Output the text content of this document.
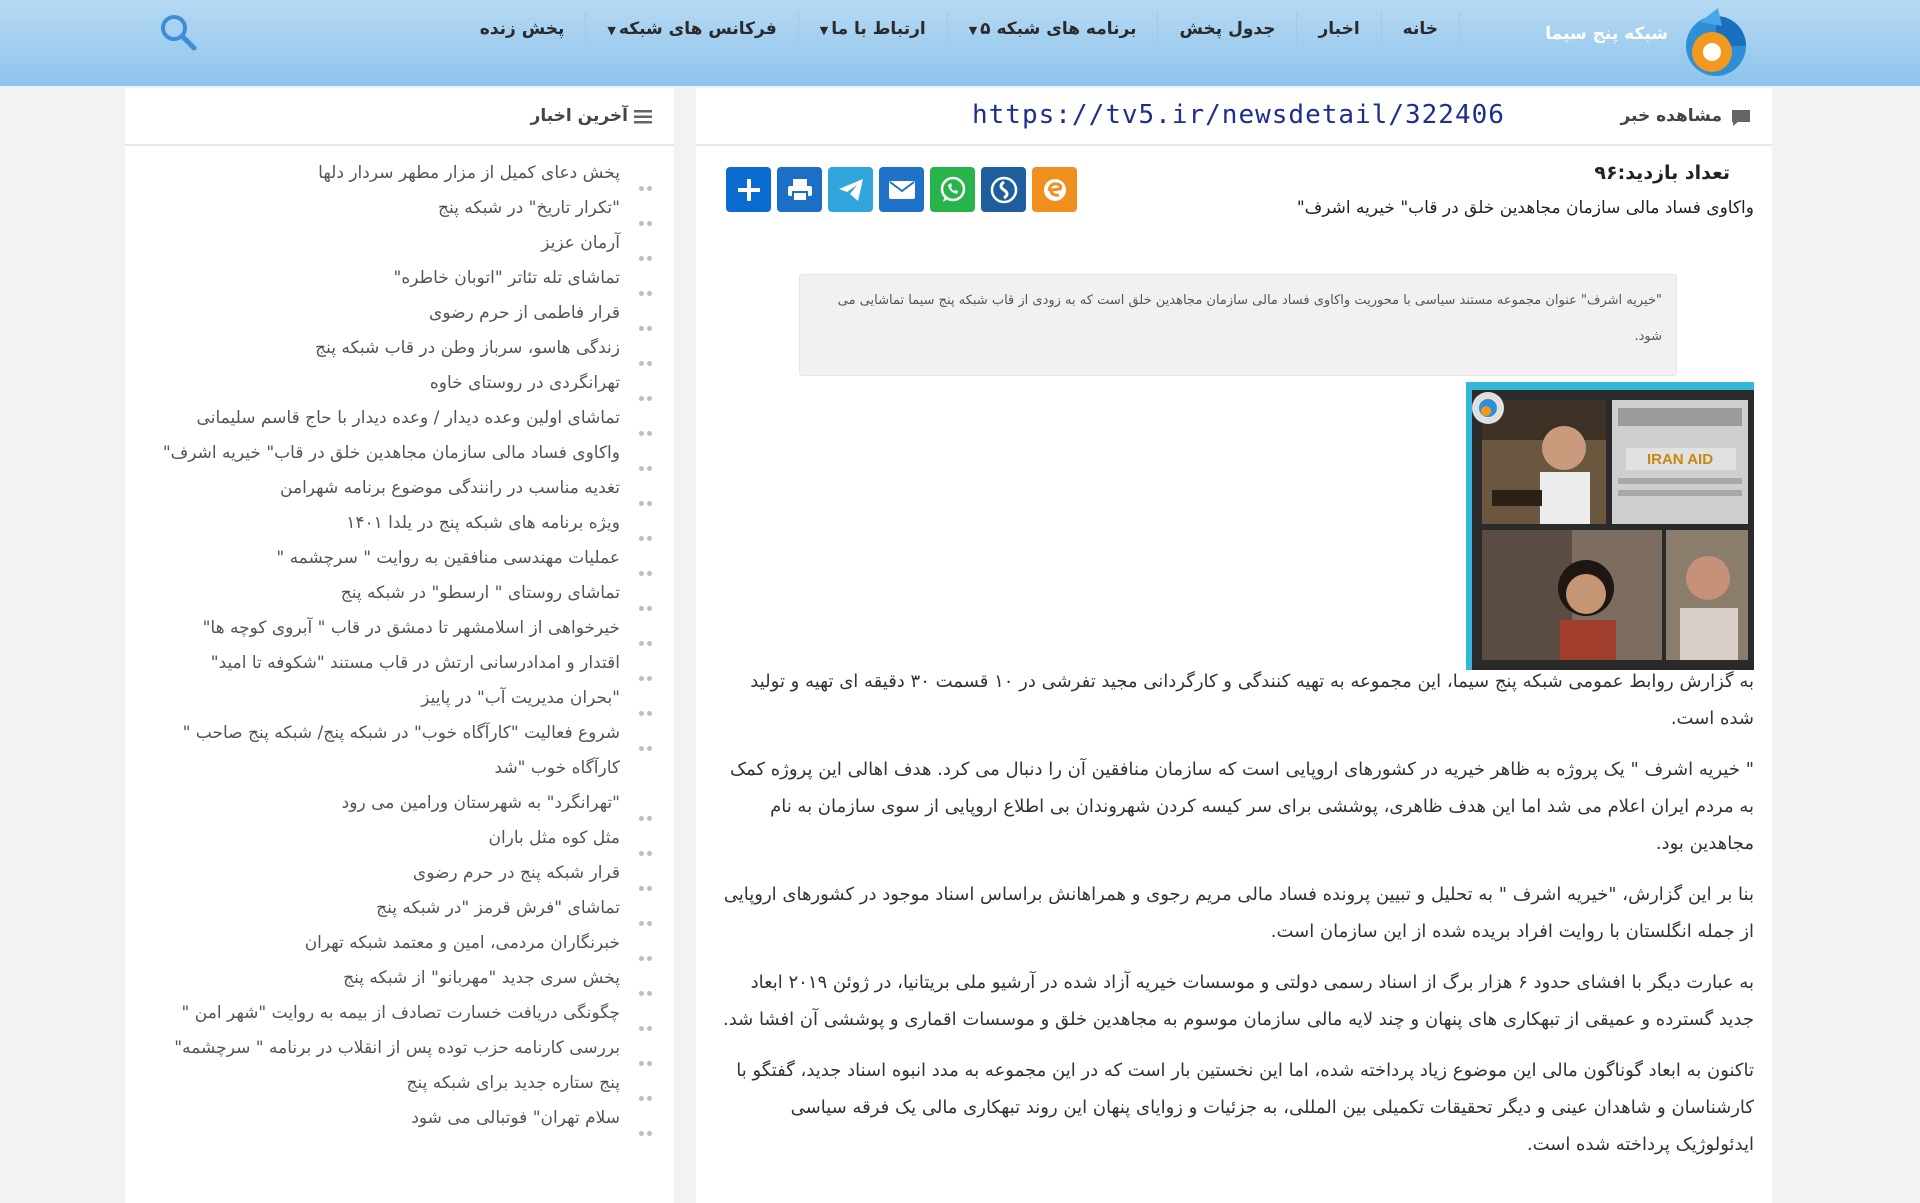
شبکه پنج سیما
خانه
اخبار
جدول پخش
برنامه های شبکه ۵▼
ارتباط با ما▼
فرکانس های شبکه▼
پخش زنده
آخرین اخبار
پخش دعای کمیل از مزار مطهر سردار دلها
"تکرار تاریخ" در شبکه پنج
آرمان عزیز
تماشای تله تئاتر "اتوبان خاطره"
قرار فاطمی از حرم رضوی
زندگی هاسو، سرباز وطن در قاب شبکه پنج
تهرانگردی در روستای خاوه
تماشای اولین وعده دیدار / وعده دیدار با حاج قاسم سلیمانی
واکاوی فساد مالی سازمان مجاهدین خلق در قاب" خیریه اشرف"
تغدیه مناسب در رانندگی موضوع برنامه شهرامن
ویژه برنامه های شبکه پنج در یلدا ۱۴۰۱
عملیات مهندسی منافقین به روایت " سرچشمه "
تماشای روستای " ارسطو" در شبکه پنج
خیرخواهی از اسلامشهر تا دمشق در قاب " آبروی کوچه ها"
اقتدار و امدادرسانی ارتش در قاب مستند "شکوفه تا امید"
"بحران مدیریت آب" در پاییز
شروع فعالیت "کارآگاه خوب" در شبکه پنج/ شبکه پنج صاحب " کارآگاه خوب "شد
"تهرانگرد" به شهرستان ورامین می رود
مثل کوه مثل باران
قرار شبکه پنج در حرم رضوی
تماشای "فرش قرمز "در شبکه پنج
خبرنگاران مردمی، امین و معتمد شبکه تهران
پخش سری جدید "مهربانو" از شبکه پنج
چگونگی دریافت خسارت تصادف از بیمه به روایت "شهر امن "
بررسی کارنامه حزب توده پس از انقلاب در برنامه " سرچشمه"
پنج ستاره جدید برای شبکه پنج
سلام تهران" فوتبالی می شود
مشاهده خبر
https://tv5.ir/newsdetail/322406
تعداد بازدید:۹۶
واکاوی فساد مالی سازمان مجاهدین خلق در قاب" خیریه اشرف"
"خیریه اشرف" عنوان مجموعه مستند سیاسی با محوریت واکاوی فساد مالی سازمان مجاهدین خلق است که به زودی از قاب شبکه پنج سیما تماشایی می شود.
IRAN AID

به گزارش روابط عمومی شبکه پنج سیما، این مجموعه به تهیه کنندگی و کارگردانی مجید تفرشی در ۱۰ قسمت ۳۰ دقیقه ای تهیه و تولید شده است.

" خیریه اشرف " یک پروژه به ظاهر خیریه در کشورهای اروپایی است که سازمان منافقین آن را دنبال می کرد. هدف اهالی این پروژه کمک به مردم ایران اعلام می شد اما این هدف ظاهری، پوششی برای سر کیسه کردن شهروندان بی اطلاع اروپایی از سوی سازمان به نام مجاهدین بود.

بنا بر این گزارش، "خیریه اشرف " به تحلیل و تبیین پرونده فساد مالی مریم رجوی و همراهانش براساس اسناد موجود در کشورهای اروپایی از جمله انگلستان با روایت افراد بریده شده از این سازمان است.

به عبارت دیگر با افشای حدود ۶ هزار برگ از اسناد رسمی دولتی و موسسات خیریه آزاد شده در آرشیو ملی بریتانیا، در ژوئن ۲۰۱۹ ابعاد جدید گسترده و عمیقی از تبهکاری های پنهان و چند لایه مالی سازمان موسوم به مجاهدین خلق و موسسات اقماری و پوششی آن افشا شد.

تاکنون به ابعاد گوناگون مالی این موضوع زیاد پرداخته شده، اما این نخستین بار است که در این مجموعه به مدد انبوه اسناد جدید، گفتگو با کارشناسان و شاهدان عینی و دیگر تحقیقات تکمیلی بین المللی، به جزئیات و زوایای پنهان این روند تبهکاری مالی یک فرقه سیاسی ایدئولوژیک پرداخته شده است.
